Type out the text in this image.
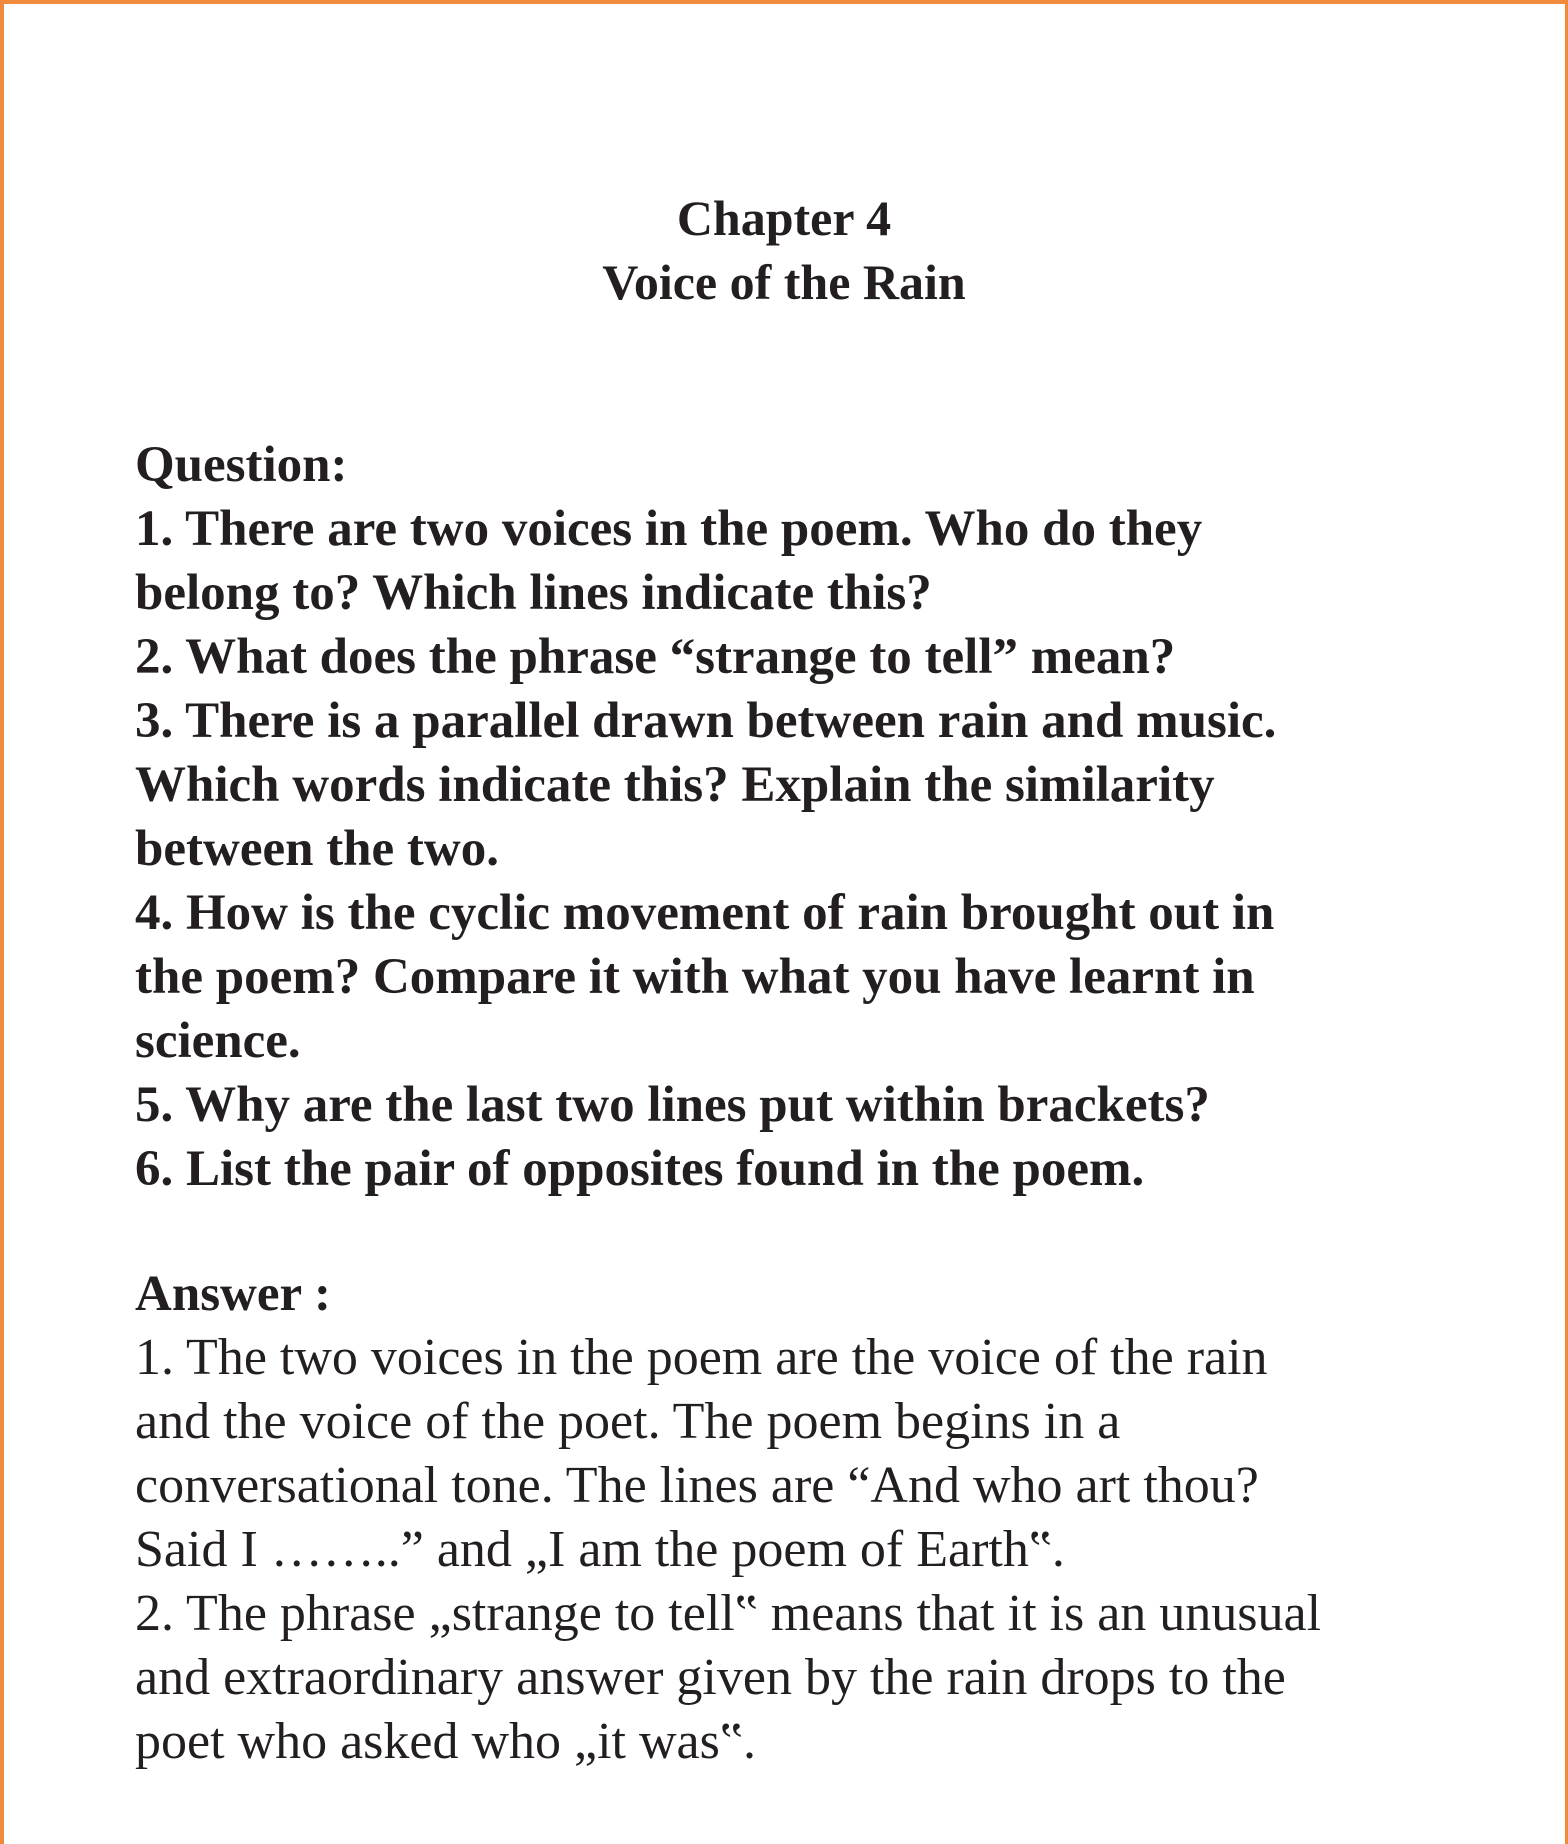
Chapter 4
Voice of the Rain
Question:
1. There are two voices in the poem. Who do they
belong to? Which lines indicate this?
2. What does the phrase “strange to tell” mean?
3. There is a parallel drawn between rain and music.
Which words indicate this? Explain the similarity
between the two.
4. How is the cyclic movement of rain brought out in
the poem? Compare it with what you have learnt in
science.
5. Why are the last two lines put within brackets?
6. List the pair of opposites found in the poem.
Answer :
1. The two voices in the poem are the voice of the rain
and the voice of the poet. The poem begins in a
conversational tone. The lines are “And who art thou?
Said I ……..” and „I am the poem of Earth‟.
2. The phrase „strange to tell‟ means that it is an unusual
and extraordinary answer given by the rain drops to the
poet who asked who „it was‟.
